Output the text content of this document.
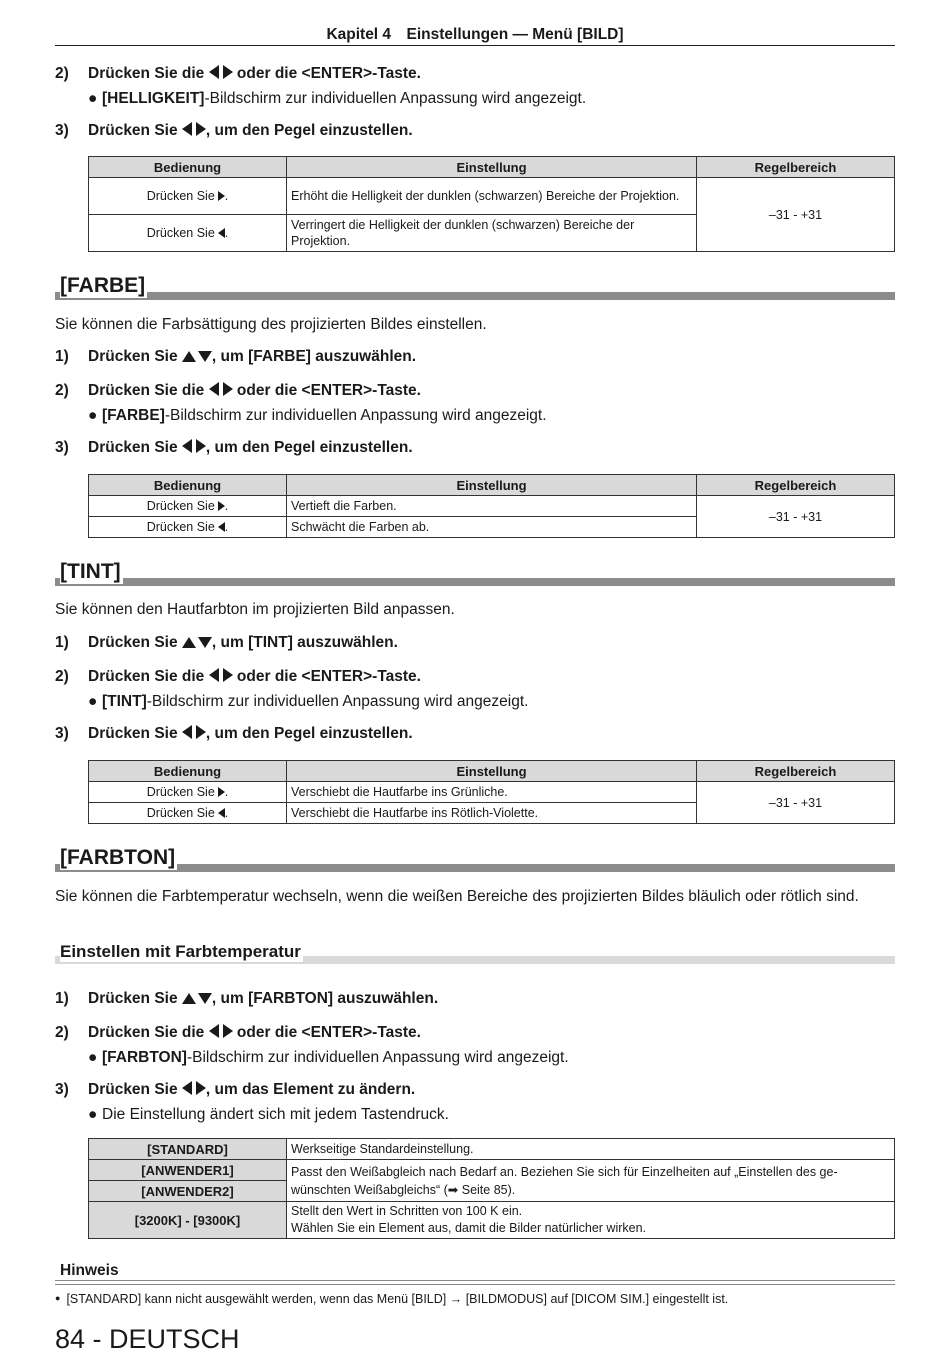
Kapitel 4 Einstellungen — Menü [BILD]
2) Drücken Sie die oder die <ENTER>-Taste.
● [HELLIGKEIT]-Bildschirm zur individuellen Anpassung wird angezeigt.
3) Drücken Sie , um den Pegel einzustellen.
Bedienung	Einstellung	Regelbereich
Drücken Sie .	Erhöht die Helligkeit der dunklen (schwarzen) Bereiche der Projektion.	–31 - +31
Drücken Sie .	Verringert die Helligkeit der dunklen (schwarzen) Bereiche der Projektion.	
[FARBE]
Sie können die Farbsättigung des projizierten Bildes einstellen.
1) Drücken Sie , um [FARBE] auszuwählen.
2) Drücken Sie die oder die <ENTER>-Taste.
● [FARBE]-Bildschirm zur individuellen Anpassung wird angezeigt.
3) Drücken Sie , um den Pegel einzustellen.
Bedienung	Einstellung	Regelbereich
Drücken Sie .	Vertieft die Farben.	–31 - +31
Drücken Sie .	Schwächt die Farben ab.	
[TINT]
Sie können den Hautfarbton im projizierten Bild anpassen.
1) Drücken Sie , um [TINT] auszuwählen.
2) Drücken Sie die oder die <ENTER>-Taste.
● [TINT]-Bildschirm zur individuellen Anpassung wird angezeigt.
3) Drücken Sie , um den Pegel einzustellen.
Bedienung	Einstellung	Regelbereich
Drücken Sie .	Verschiebt die Hautfarbe ins Grünliche.	–31 - +31
Drücken Sie .	Verschiebt die Hautfarbe ins Rötlich-Violette.	
[FARBTON]
Sie können die Farbtemperatur wechseln, wenn die weißen Bereiche des projizierten Bildes bläulich oder rötlich sind.
Einstellen mit Farbtemperatur
1) Drücken Sie , um [FARBTON] auszuwählen.
2) Drücken Sie die oder die <ENTER>-Taste.
● [FARBTON]-Bildschirm zur individuellen Anpassung wird angezeigt.
3) Drücken Sie , um das Element zu ändern.
● Die Einstellung ändert sich mit jedem Tastendruck.
[STANDARD]	Werkseitige Standardeinstellung.
[ANWENDER1]	Passt den Weißabgleich nach Bedarf an. Beziehen Sie sich für Einzelheiten auf „Einstellen des gewünschten Weißabgleichs“ (➡ Seite 85).
[ANWENDER2]	
[3200K] - [9300K]	Stellt den Wert in Schritten von 100 K ein.
Wählen Sie ein Element aus, damit die Bilder natürlicher wirken.
Hinweis
● [STANDARD] kann nicht ausgewählt werden, wenn das Menü [BILD] → [BILDMODUS] auf [DICOM SIM.] eingestellt ist.
84 - DEUTSCH
